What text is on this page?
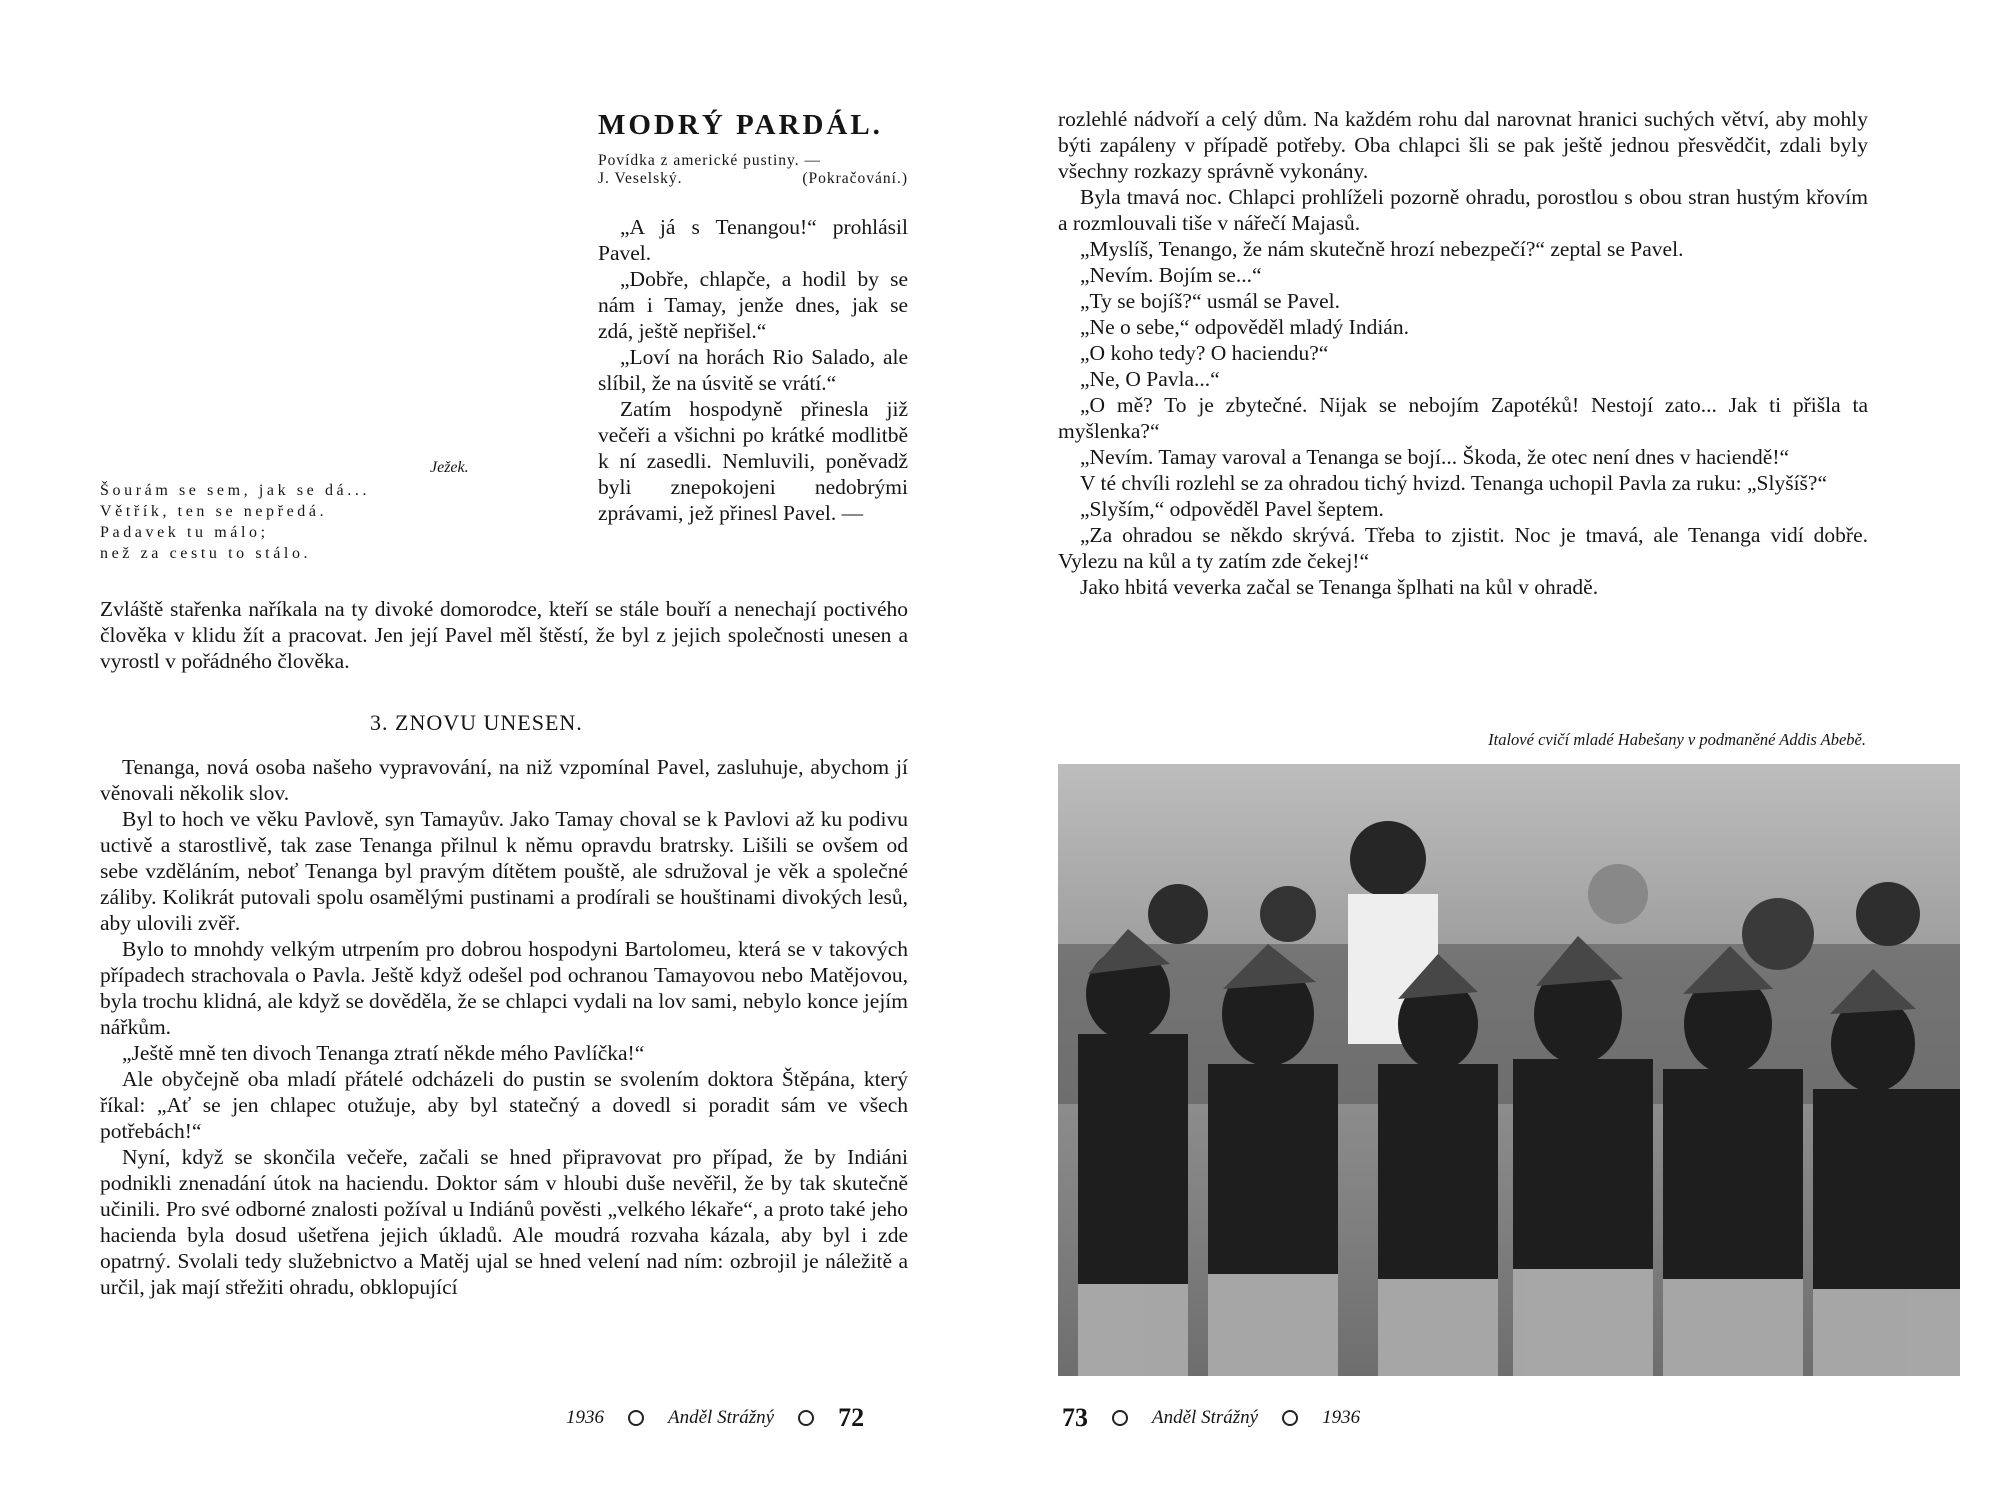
MODRÝ PARDÁL.
Povídka z americké pustiny. —
J. Veselský.	(Pokračování.)

„A já s Tenangou!“ prohlásil Pavel.

„Dobře, chlapče, a hodil by se nám i Tamay, jenže dnes, jak se zdá, ještě nepřišel.“

„Loví na horách Rio Salado, ale slíbil, že na úsvitě se vrátí.“

Zatím hospodyně přinesla již večeři a všichni po krátké modlitbě k ní zasedli. Nemluvili, poněvadž byli znepokojeni nedobrými zprávami, jež přinesl Pavel. —

Ježek.
Šourám se sem, jak se dá...
Větřík, ten se nepředá.
Padavek tu málo;
než za cestu to stálo.

Zvláště stařenka naříkala na ty divoké domorodce, kteří se stále bouří a nenechají poctivého člověka v klidu žít a pracovat. Jen její Pavel měl štěstí, že byl z jejich společnosti unesen a vyrostl v pořádného člověka.

3. ZNOVU UNESEN.

Tenanga, nová osoba našeho vypravování, na niž vzpomínal Pavel, zasluhuje, abychom jí věnovali několik slov.

Byl to hoch ve věku Pavlově, syn Tamayův. Jako Tamay choval se k Pavlovi až ku podivu uctivě a starostlivě, tak zase Tenanga přilnul k němu opravdu bratrsky. Lišili se ovšem od sebe vzděláním, neboť Tenanga byl pravým dítětem pouště, ale sdružoval je věk a společné záliby. Kolikrát putovali spolu osamělými pustinami a prodírali se houštinami divokých lesů, aby ulovili zvěř.

Bylo to mnohdy velkým utrpením pro dobrou hospodyni Bartolomeu, která se v takových případech strachovala o Pavla. Ještě když odešel pod ochranou Tamayovou nebo Matějovou, byla trochu klidná, ale když se dověděla, že se chlapci vydali na lov sami, nebylo konce jejím nářkům.

„Ještě mně ten divoch Tenanga ztratí někde mého Pavlíčka!“

Ale obyčejně oba mladí přátelé odcházeli do pustin se svolením doktora Štěpána, který říkal: „Ať se jen chlapec otužuje, aby byl statečný a dovedl si poradit sám ve všech potřebách!“

Nyní, když se skončila večeře, začali se hned připravovat pro případ, že by Indiáni podnikli znenadání útok na haciendu. Doktor sám v hloubi duše nevěřil, že by tak skutečně učinili. Pro své odborné znalosti požíval u Indiánů pověsti „velkého lékaře“, a proto také jeho hacienda byla dosud ušetřena jejich úkladů. Ale moudrá rozvaha kázala, aby byl i zde opatrný. Svolali tedy služebnictvo a Matěj ujal se hned velení nad ním: ozbrojil je náležitě a určil, jak mají střežiti ohradu, obklopující

1936	Anděl Strážný 72

rozlehlé nádvoří a celý dům. Na každém rohu dal narovnat hranici suchých větví, aby mohly býti zapáleny v případě potřeby. Oba chlapci šli se pak ještě jednou přesvědčit, zdali byly všechny rozkazy správně vykonány.

Byla tmavá noc. Chlapci prohlíželi pozorně ohradu, porostlou s obou stran hustým křovím a rozmlouvali tiše v nářečí Majasů.

„Myslíš, Tenango, že nám skutečně hrozí nebezpečí?“ zeptal se Pavel.

„Nevím. Bojím se...“

„Ty se bojíš?“ usmál se Pavel.

„Ne o sebe,“ odpověděl mladý Indián.

„O koho tedy? O haciendu?“

„Ne, O Pavla...“

„O mě? To je zbytečné. Nijak se nebojím Zapotéků! Nestojí zato... Jak ti přišla ta myšlenka?“

„Nevím. Tamay varoval a Tenanga se bojí... Škoda, že otec není dnes v haciendě!“

V té chvíli rozlehl se za ohradou tichý hvizd. Tenanga uchopil Pavla za ruku: „Slyšíš?“

„Slyším,“ odpověděl Pavel šeptem.

„Za ohradou se někdo skrývá. Třeba to zjistit. Noc je tmavá, ale Tenanga vidí dobře. Vylezu na kůl a ty zatím zde čekej!“

Jako hbitá veverka začal se Tenanga šplhati na kůl v ohradě.

Italové cvičí mladé Habešany v podmaněné Addis Abebě.
73	Anděl Strážný	1936
